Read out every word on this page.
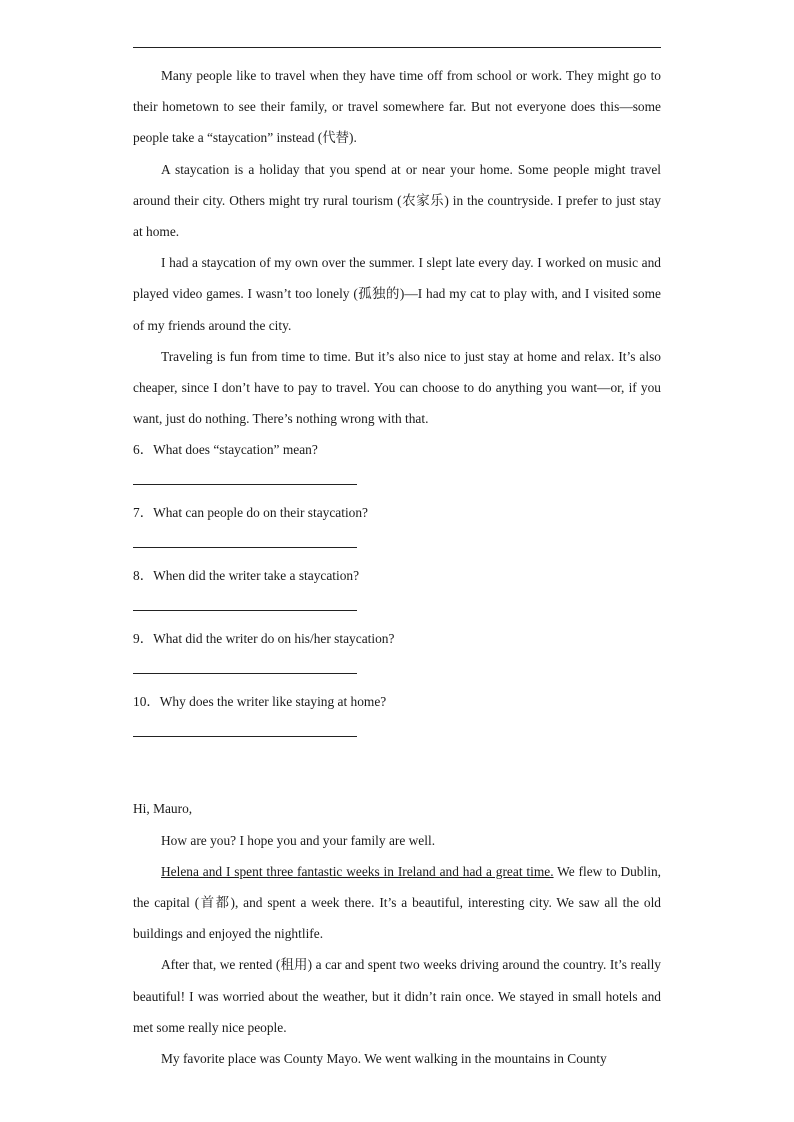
Many people like to travel when they have time off from school or work. They might go to their hometown to see their family, or travel somewhere far. But not everyone does this—some people take a “staycation” instead (代替).

A staycation is a holiday that you spend at or near your home. Some people might travel around their city. Others might try rural tourism (农家乐) in the countryside. I prefer to just stay at home.

I had a staycation of my own over the summer. I slept late every day. I worked on music and played video games. I wasn’t too lonely (孤独的)—I had my cat to play with, and I visited some of my friends around the city.

Traveling is fun from time to time. But it’s also nice to just stay at home and relax. It’s also cheaper, since I don’t have to pay to travel. You can choose to do anything you want—or, if you want, just do nothing. There’s nothing wrong with that.

6．What does “staycation” mean?

7．What can people do on their staycation?

8．When did the writer take a staycation?

9．What did the writer do on his/her staycation?

10．Why does the writer like staying at home?

Hi, Mauro,

How are you? I hope you and your family are well.

Helena and I spent three fantastic weeks in Ireland and had a great time. We flew to Dublin, the capital (首都), and spent a week there. It’s a beautiful, interesting city. We saw all the old buildings and enjoyed the nightlife.

After that, we rented (租用) a car and spent two weeks driving around the country. It’s really beautiful! I was worried about the weather, but it didn’t rain once. We stayed in small hotels and met some really nice people.

My favorite place was County Mayo. We went walking in the mountains in County
